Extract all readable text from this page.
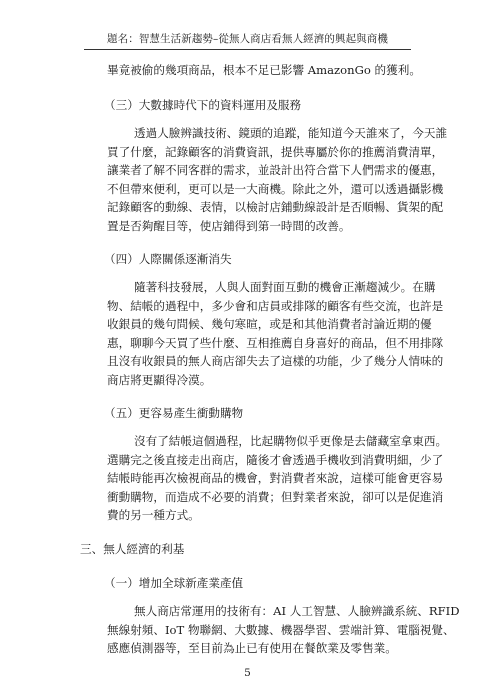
題名：智慧生活新趨勢–從無人商店看無人經濟的興起與商機
畢竟被偷的幾項商品，根本不足已影響 AmazonGo 的獲利。
（三）大數據時代下的資料運用及服務
透過人臉辨識技術、鏡頭的追蹤，能知道今天誰來了，今天誰
買了什麼，記錄顧客的消費資訊，提供專屬於你的推薦消費清單，
讓業者了解不同客群的需求，並設計出符合當下人們需求的優惠，
不但帶來便利，更可以是一大商機。除此之外，還可以透過攝影機
記錄顧客的動線、表情，以檢討店鋪動線設計是否順暢、貨架的配
置是否夠醒目等，使店鋪得到第一時間的改善。
（四）人際關係逐漸消失
隨著科技發展，人與人面對面互動的機會正漸趨減少。在購
物、結帳的過程中，多少會和店員或排隊的顧客有些交流，也許是
收銀員的幾句問候、幾句寒暄，或是和其他消費者討論近期的優
惠，聊聊今天買了些什麼、互相推薦自身喜好的商品，但不用排隊
且沒有收銀員的無人商店卻失去了這樣的功能，少了幾分人情味的
商店將更顯得冷漠。
（五）更容易產生衝動購物
沒有了結帳這個過程，比起購物似乎更像是去儲藏室拿東西。
選購完之後直接走出商店，隨後才會透過手機收到消費明細，少了
結帳時能再次檢視商品的機會，對消費者來說，這樣可能會更容易
衝動購物，而造成不必要的消費；但對業者來說，卻可以是促進消
費的另一種方式。
三、無人經濟的利基
（一）增加全球新產業產值
無人商店常運用的技術有：AI 人工智慧、人臉辨識系統、RFID
無線射頻、IoT 物聯網、大數據、機器學習、雲端計算、電腦視覺、
感應偵測器等，至目前為止已有使用在餐飲業及零售業。
5
